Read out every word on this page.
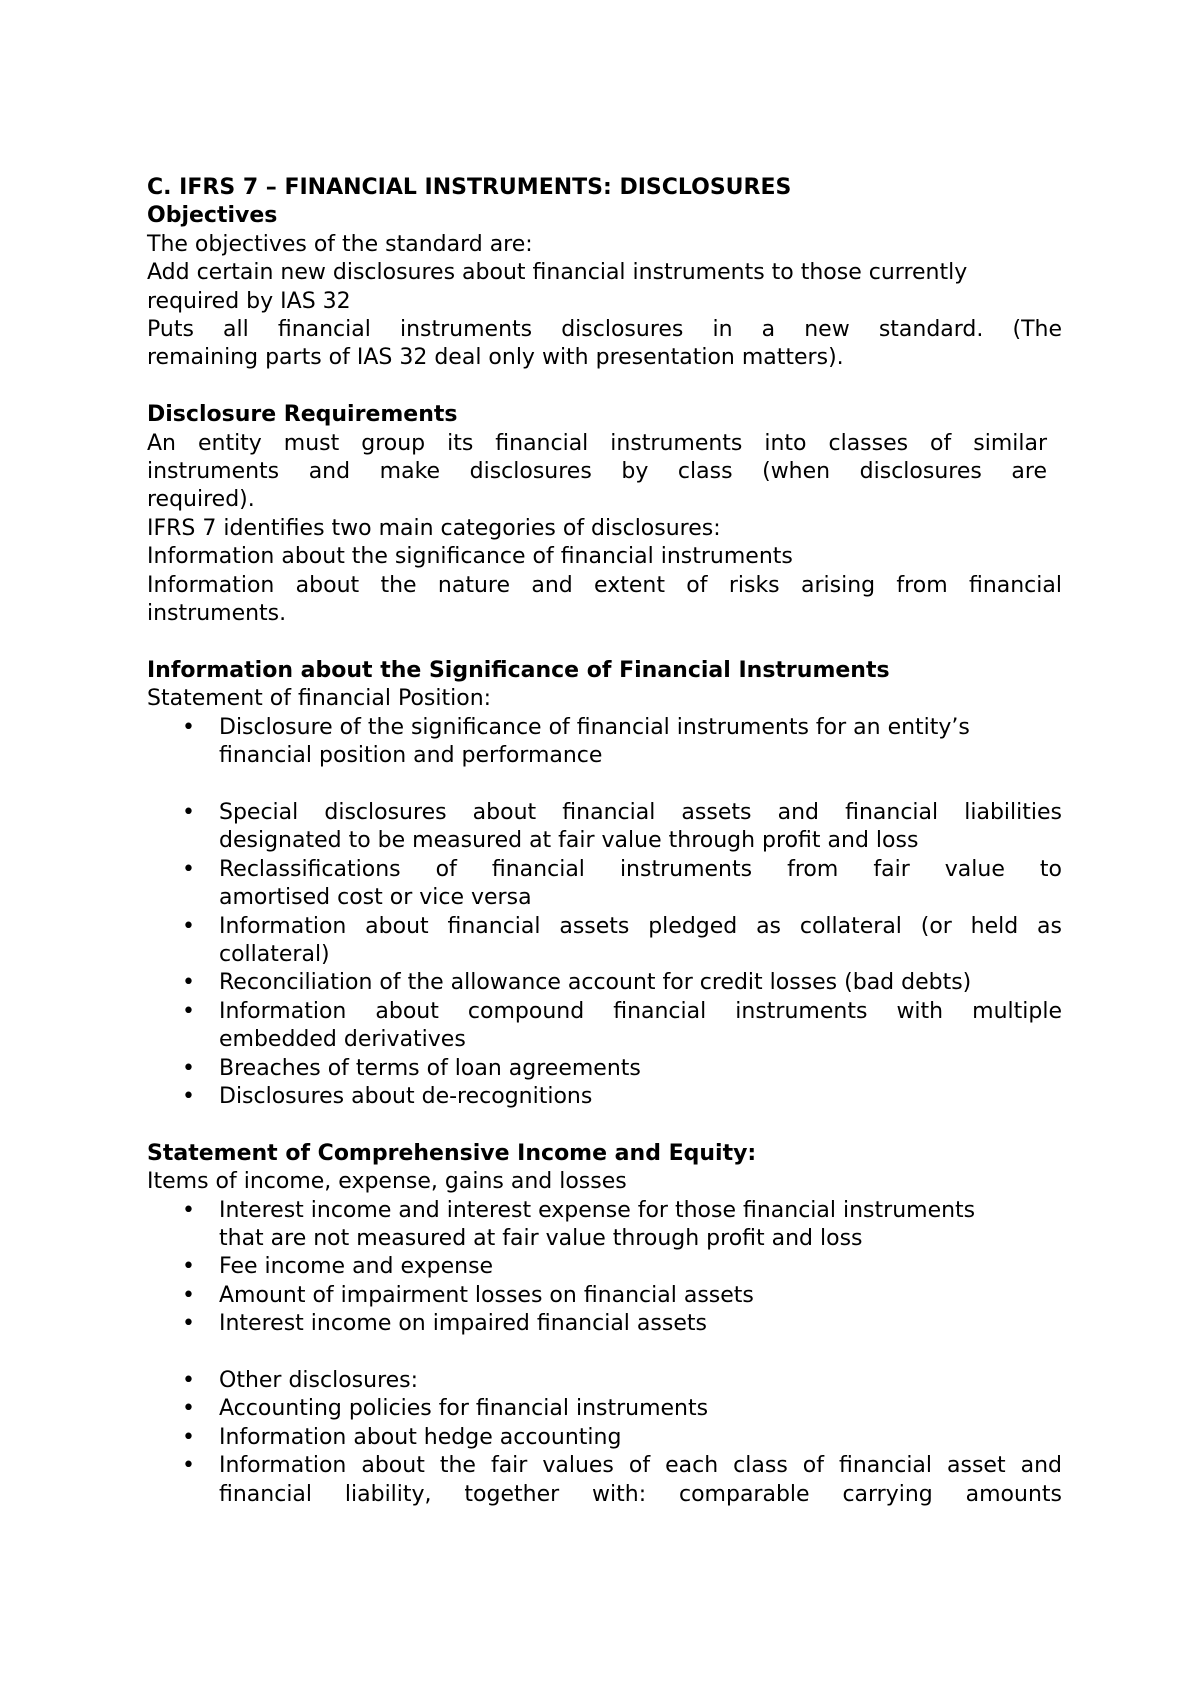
C. IFRS 7 – FINANCIAL INSTRUMENTS: DISCLOSURES
Objectives
The objectives of the standard are:
Add certain new disclosures about financial instruments to those currently
required by IAS 32
Puts all financial instruments disclosures in a new standard. (The
remaining parts of IAS 32 deal only with presentation matters).
Disclosure Requirements
An entity must group its financial instruments into classes of similar
instruments and make disclosures by class (when disclosures are
required).
IFRS 7 identifies two main categories of disclosures:
Information about the significance of financial instruments
Information about the nature and extent of risks arising from financial
instruments.
Information about the Significance of Financial Instruments
Statement of financial Position:
• Disclosure of the significance of financial instruments for an entity’s
financial position and performance
• Special disclosures about financial assets and financial liabilities
designated to be measured at fair value through profit and loss
• Reclassifications of financial instruments from fair value to
amortised cost or vice versa
• Information about financial assets pledged as collateral (or held as
collateral)
• Reconciliation of the allowance account for credit losses (bad debts)
• Information about compound financial instruments with multiple
embedded derivatives
• Breaches of terms of loan agreements
• Disclosures about de-recognitions
Statement of Comprehensive Income and Equity:
Items of income, expense, gains and losses
• Interest income and interest expense for those financial instruments
that are not measured at fair value through profit and loss
• Fee income and expense
• Amount of impairment losses on financial assets
• Interest income on impaired financial assets
• Other disclosures:
• Accounting policies for financial instruments
• Information about hedge accounting
• Information about the fair values of each class of financial asset and
financial liability, together with: comparable carrying amounts
